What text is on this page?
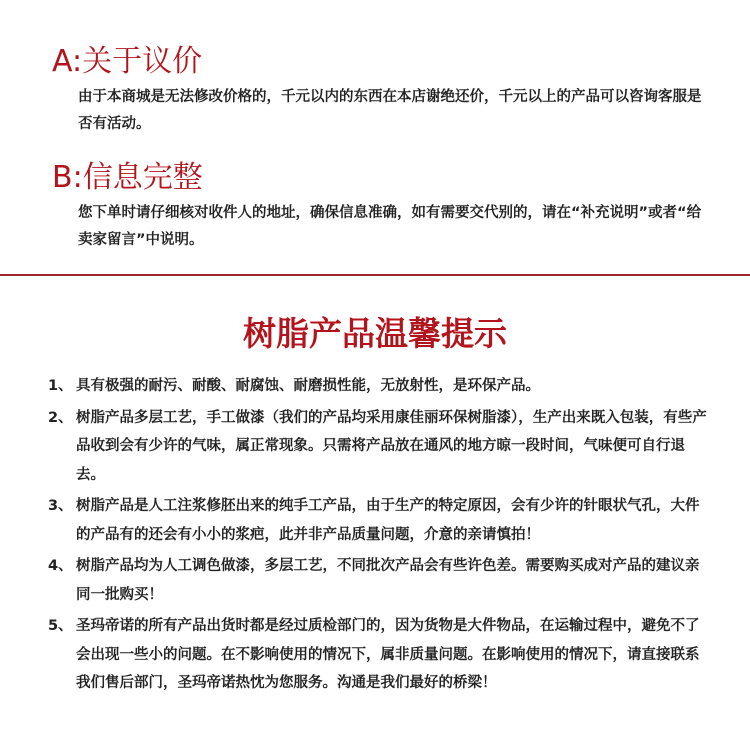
A:关于议价

由于本商城是无法修改价格的，千元以内的东西在本店谢绝还价，千元以上的产品可以咨询客服是否有活动。

B:信息完整

您下单时请仔细核对收件人的地址，确保信息准确，如有需要交代别的，请在“补充说明”或者“给卖家留言”中说明。

树脂产品温馨提示
1、 具有极强的耐污、耐酸、耐腐蚀、耐磨损性能，无放射性，是环保产品。
2、 树脂产品多层工艺，手工做漆（我们的产品均采用康佳丽环保树脂漆），生产出来既入包装，有些产品收到会有少许的气味，属正常现象。只需将产品放在通风的地方晾一段时间，气味便可自行退去。
3、 树脂产品是人工注浆修胚出来的纯手工产品，由于生产的特定原因，会有少许的针眼状气孔，大件的产品有的还会有小小的浆疤，此并非产品质量问题，介意的亲请慎拍！
4、 树脂产品均为人工调色做漆，多层工艺，不同批次产品会有些许色差。需要购买成对产品的建议亲同一批购买！
5、 圣玛帝诺的所有产品出货时都是经过质检部门的，因为货物是大件物品，在运输过程中，避免不了会出现一些小的问题。在不影响使用的情况下，属非质量问题。在影响使用的情况下，请直接联系我们售后部门，圣玛帝诺热忱为您服务。沟通是我们最好的桥梁！
